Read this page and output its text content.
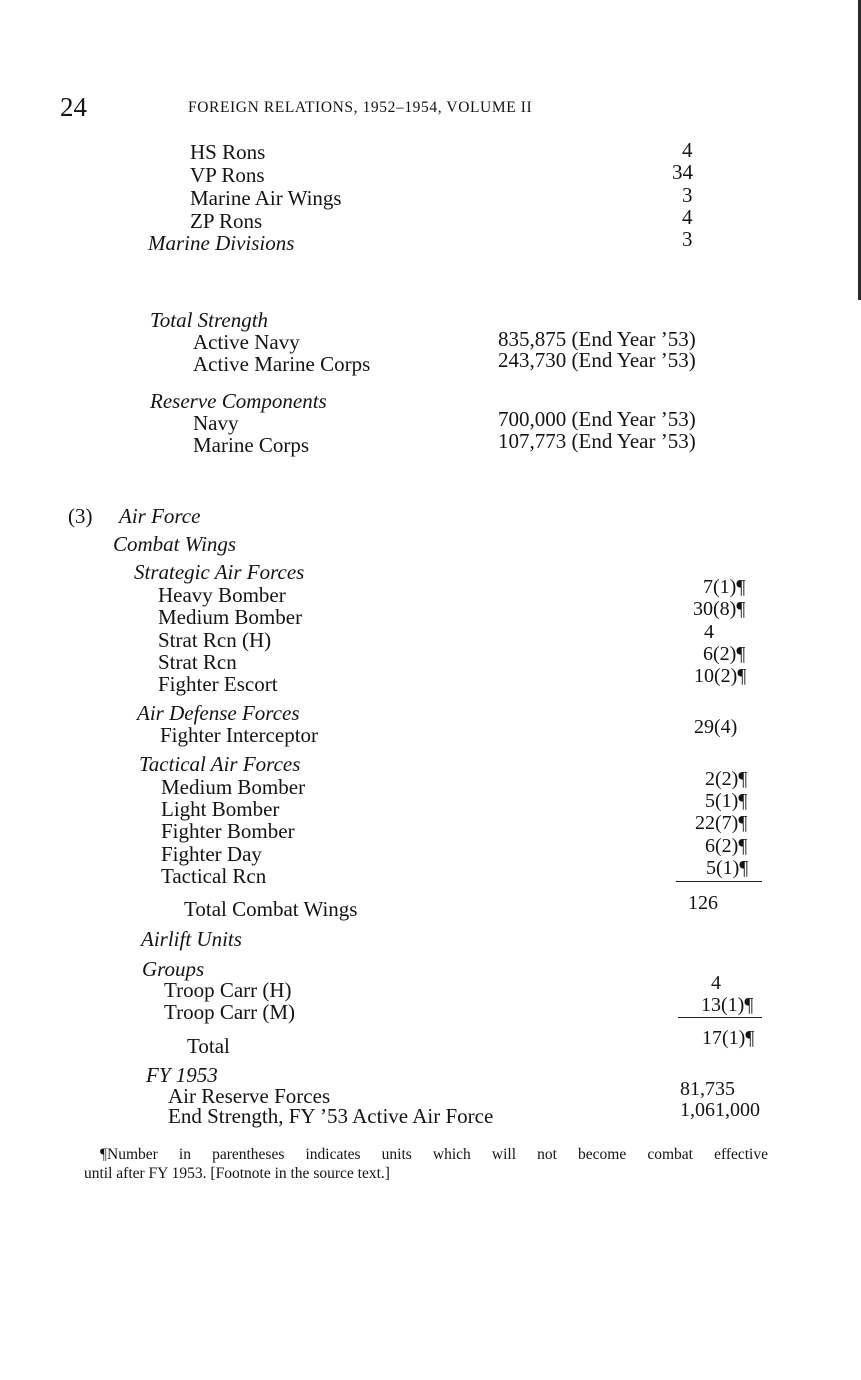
24	FOREIGN RELATIONS, 1952–1954, VOLUME II
HS Rons	4
VP Rons	34
Marine Air Wings	3
ZP Rons	4
Marine Divisions	3
Total Strength
Active Navy	835,875 (End Year ’53)
Active Marine Corps	243,730 (End Year ’53)
Reserve Components
Navy	700,000 (End Year ’53)
Marine Corps	107,773 (End Year ’53)
(3) Air Force
Combat Wings
Strategic Air Forces
Heavy Bomber	7(1)¶
Medium Bomber	30(8)¶
Strat Rcn (H)	4
Strat Rcn	6(2)¶
Fighter Escort	10(2)¶
Air Defense Forces
Fighter Interceptor	29(4)
Tactical Air Forces
Medium Bomber	2(2)¶
Light Bomber	5(1)¶
Fighter Bomber	22(7)¶
Fighter Day	6(2)¶
Tactical Rcn	5(1)¶
Total Combat Wings	126
Airlift Units
Groups
Troop Carr (H)	4
Troop Carr (M)	13(1)¶
Total	17(1)¶
FY 1953
Air Reserve Forces	81,735
End Strength, FY ’53 Active Air Force	1,061,000

¶Number in parentheses indicates units which will not become combat effective

until after FY 1953. [Footnote in the source text.]
